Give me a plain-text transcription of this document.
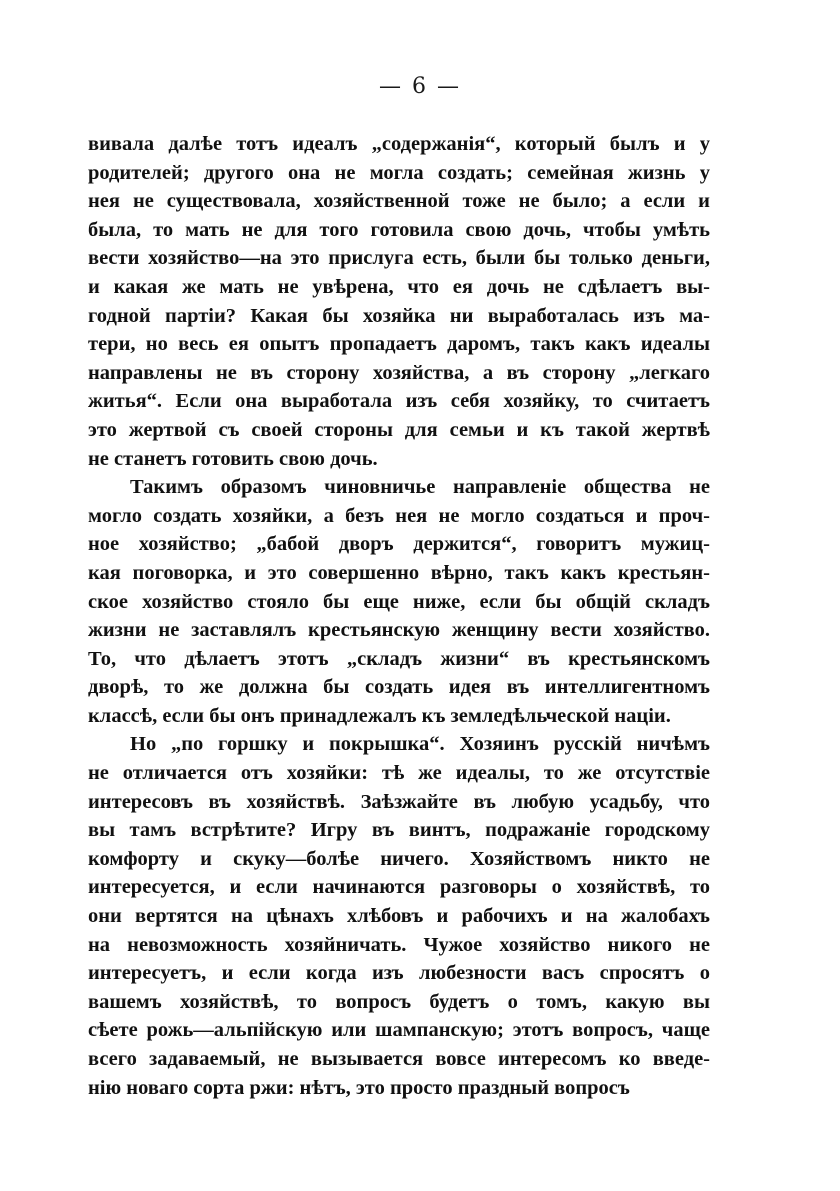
— 6 —
вивала далѣе тотъ идеалъ „содержанія“, который былъ и у
родителей; другого она не могла создать; семейная жизнь у
нея не существовала, хозяйственной тоже не было; а если и
была, то мать не для того готовила свою дочь, чтобы умѣть
вести хозяйство—на это прислуга есть, были бы только деньги,
и какая же мать не увѣрена, что ея дочь не сдѣлаетъ вы-
годной партіи? Какая бы хозяйка ни выработалась изъ ма-
тери, но весь ея опытъ пропадаетъ даромъ, такъ какъ идеалы
направлены не въ сторону хозяйства, а въ сторону „легкаго
житья“. Если она выработала изъ себя хозяйку, то считаетъ
это жертвой съ своей стороны для семьи и къ такой жертвѣ
не станетъ готовить свою дочь.
Такимъ образомъ чиновничье направленіе общества не
могло создать хозяйки, а безъ нея не могло создаться и проч-
ное хозяйство; „бабой дворъ держится“, говоритъ мужиц-
кая поговорка, и это совершенно вѣрно, такъ какъ крестьян-
ское хозяйство стояло бы еще ниже, если бы общій складъ
жизни не заставлялъ крестьянскую женщину вести хозяйство.
То, что дѣлаетъ этотъ „складъ жизни“ въ крестьянскомъ
дворѣ, то же должна бы создать идея въ интеллигентномъ
классѣ, если бы онъ принадлежалъ къ земледѣльческой націи.
Но „по горшку и покрышка“. Хозяинъ русскій ничѣмъ
не отличается отъ хозяйки: тѣ же идеалы, то же отсутствіе
интересовъ въ хозяйствѣ. Заѣзжайте въ любую усадьбу, что
вы тамъ встрѣтите? Игру въ винтъ, подражаніе городскому
комфорту и скуку—болѣе ничего. Хозяйствомъ никто не
интересуется, и если начинаются разговоры о хозяйствѣ, то
они вертятся на цѣнахъ хлѣбовъ и рабочихъ и на жалобахъ
на невозможность хозяйничать. Чужое хозяйство никого не
интересуетъ, и если когда изъ любезности васъ спросятъ о
вашемъ хозяйствѣ, то вопросъ будетъ о томъ, какую вы
сѣете рожь—альпійскую или шампанскую; этотъ вопросъ, чаще
всего задаваемый, не вызывается вовсе интересомъ ко введе-
нію новаго сорта ржи: нѣтъ, это просто праздный вопросъ
